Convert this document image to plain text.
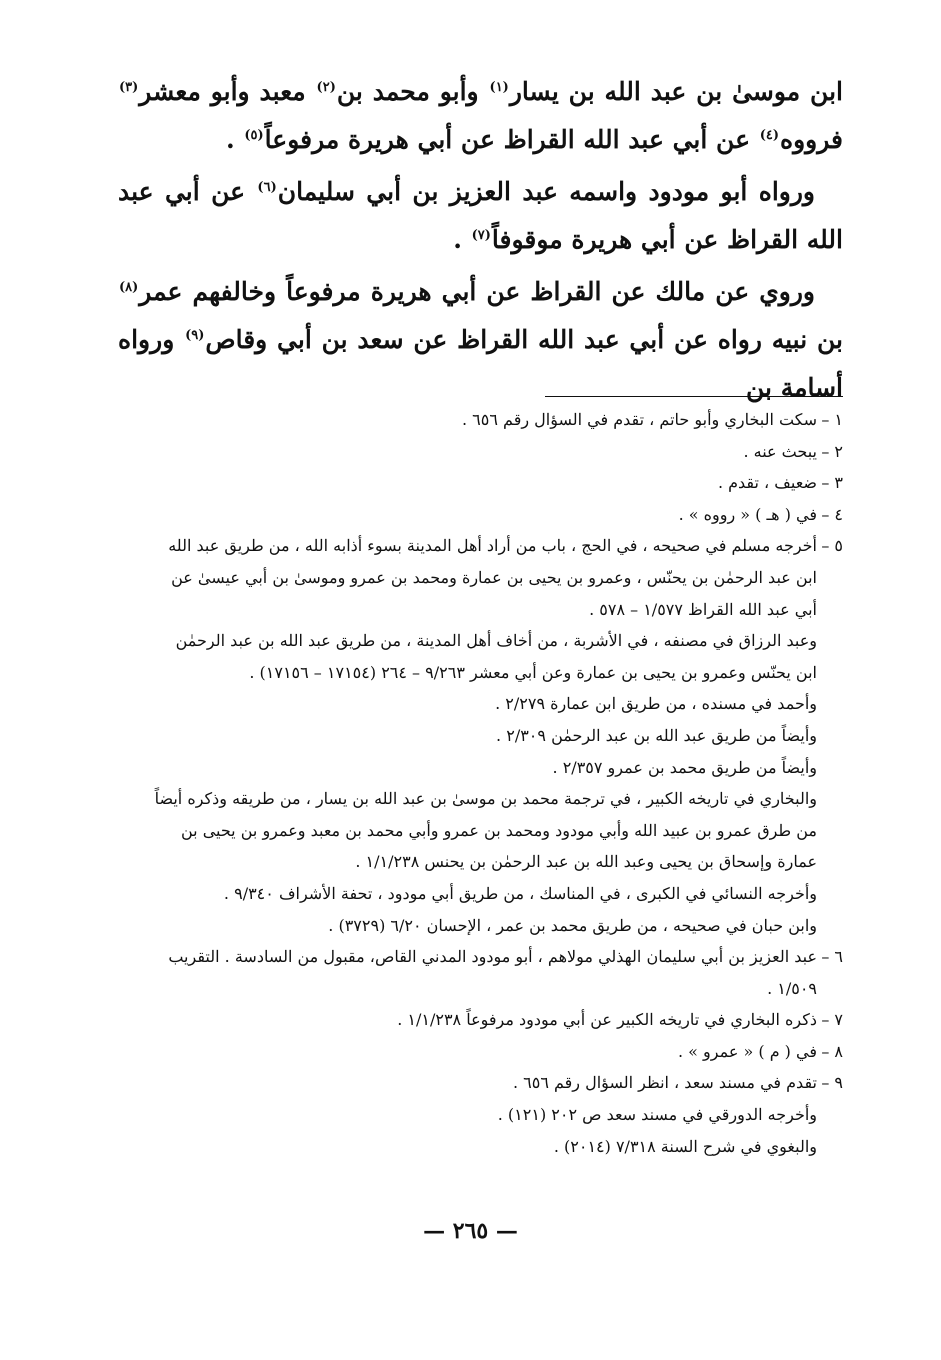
ابن موسىٰ بن عبد الله بن يسار$^{(١)}$ وأبو محمد بن$^{(٢)}$ معبد وأبو معشر$^{(٣)}$ فرووه$^{(٤)}$ عن أبي عبد الله القراظ عن أبي هريرة مرفوعاً$^{(٥)}$ .

ورواه أبو مودود واسمه عبد العزيز بن أبي سليمان$^{(٦)}$ عن أبي عبد الله القراظ عن أبي هريرة موقوفاً$^{(٧)}$ .

وروي عن مالك عن القراظ عن أبي هريرة مرفوعاً وخالفهم عمر$^{(٨)}$ بن نبيه رواه عن أبي عبد الله القراظ عن سعد بن أبي وقاص$^{(٩)}$ ورواه أسامة بن

١ –
سكت البخاري وأبو حاتم ، تقدم في السؤال رقم ٦٥٦ .
٢ –
يبحث عنه .
٣ –
ضعيف ، تقدم .
٤ –
في ( هـ ) « رووه » .
٥ –
أخرجه مسلم في صحيحه ، في الحج ، باب من أراد أهل المدينة بسوء أذابه الله ، من طريق عبد الله
ابن عبد الرحمٰن بن يحنّس ، وعمرو بن يحيى بن عمارة ومحمد بن عمرو وموسىٰ بن أبي عيسىٰ عن
أبي عبد الله القراظ ١/٥٧٧ – ٥٧٨ .
وعبد الرزاق في مصنفه ، في الأشربة ، من أخاف أهل المدينة ، من طريق عبد الله بن عبد الرحمٰن
ابن يحنّس وعمرو بن يحيى بن عمارة وعن أبي معشر ٩/٢٦٣ – ٢٦٤ (١٧١٥٤ – ١٧١٥٦) .
وأحمد في مسنده ، من طريق ابن عمارة ٢/٢٧٩ .
وأيضاً من طريق عبد الله بن عبد الرحمٰن ٢/٣٠٩ .
وأيضاً من طريق محمد بن عمرو ٢/٣٥٧ .
والبخاري في تاريخه الكبير ، في ترجمة محمد بن موسىٰ بن عبد الله بن يسار ، من طريقه وذكره أيضاً
من طرق عمرو بن عبيد الله وأبي مودود ومحمد بن عمرو وأبي محمد بن معبد وعمرو بن يحيى بن
عمارة وإسحاق بن يحيى وعبد الله بن عبد الرحمٰن بن يحنس ١/١/٢٣٨ .
وأخرجه النسائي في الكبرى ، في المناسك ، من طريق أبي مودود ، تحفة الأشراف ٩/٣٤٠ .
وابن حبان في صحيحه ، من طريق محمد بن عمر ، الإحسان ٦/٢٠ (٣٧٢٩) .
٦ –
عبد العزيز بن أبي سليمان الهذلي مولاهم ، أبو مودود المدني القاص، مقبول من السادسة . التقريب
١/٥٠٩ .
٧ –
ذكره البخاري في تاريخه الكبير عن أبي مودود مرفوعاً ١/١/٢٣٨ .
٨ –
في ( م ) « عمرو » .
٩ –
تقدم في مسند سعد ، انظر السؤال رقم ٦٥٦ .
وأخرجه الدورقي في مسند سعد ص ٢٠٢ (١٢١) .
والبغوي في شرح السنة ٧/٣١٨ (٢٠١٤) .
— ٢٦٥ —
